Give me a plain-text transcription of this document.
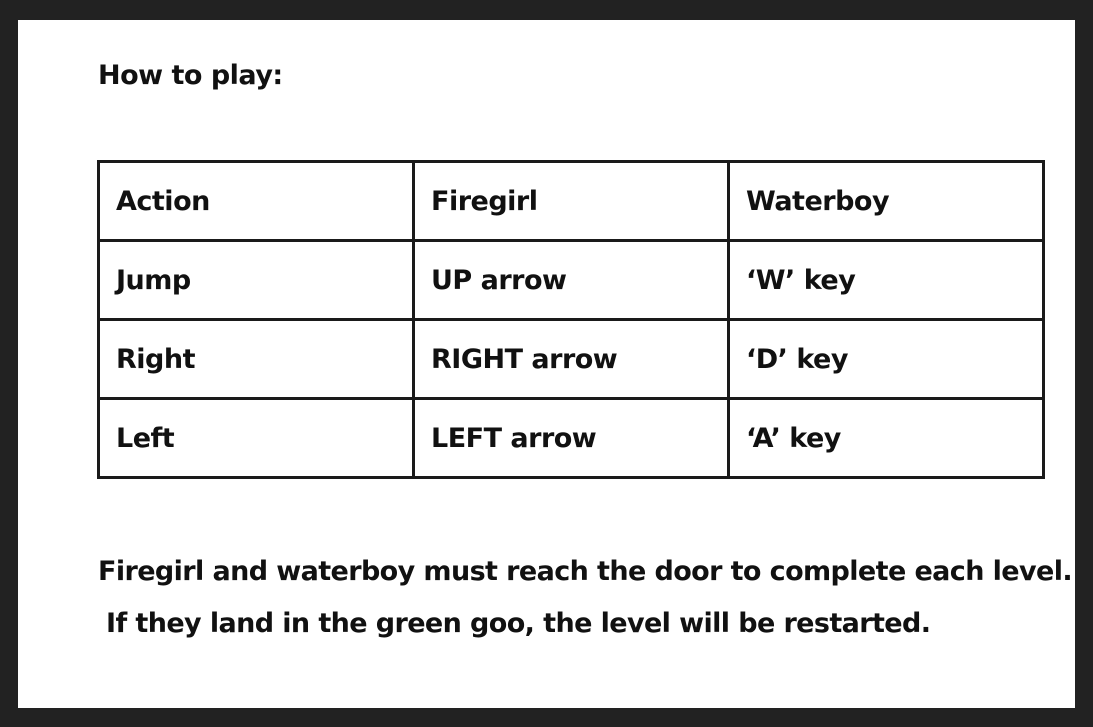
How to play:
Action	Firegirl	Waterboy
Jump	UP arrow	‘W’ key
Right	RIGHT arrow	‘D’ key
Left	LEFT arrow	‘A’ key
Firegirl and waterboy must reach the door to complete each level.
If they land in the green goo, the level will be restarted.
